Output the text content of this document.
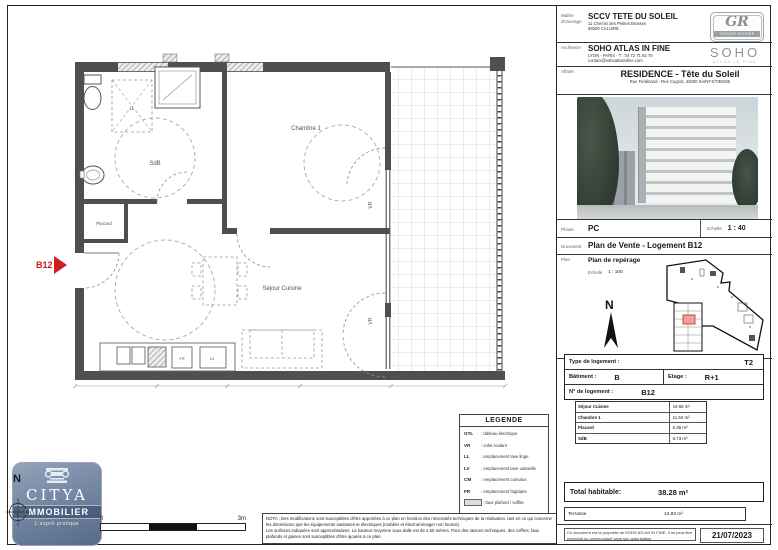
SdB
Placard
Chambre 1
Séjour Cuisine
LL
FR	LV
VR
VR
B12
CITYA
IMMOBILIER
L'esprit pratique
N
0	3m
LEGENDE
GTL	: tableau électrique
VR	: volet roulant
LL	: emplacement lave linge
LV	: emplacement lave vaisselle
CM	: emplacement cumulus
FR	: emplacement frigidaire
: faux plafond / soffite

NOTA : Des modifications sont susceptibles d'être apportées à ce plan en fonction des nécessités techniques de la réalisation, tant en ce qui concerne les dimensions que les équipements sanitaires et électriques (mobilier et électroménager non fournis).

Les surfaces indiquées sont approximatives. La hauteur moyenne sous-dalle est de 2,50 mètres. Pour des raisons techniques, des coffres, faux plafonds et gaines sont susceptibles d'être ajoutés à ce plan.

Maître d'Ouvrage
SCCV TETE DU SOLEIL
11 Chemin des Petites Brosses
69300 CALUIRE	GR
GROUPE RIVOIRE
Architecte SOHO ATLAS IN FINE
LYON - PARIS - T : 04 72 71 62 70 contact@sohoatlasinfine.com
SOHO
ATLAS IN FINE
Affaire	RESIDENCE - Tête du Soleil
Rue Ferdinand - Rue Cugnot, 42000 SAINT-ETIENNE
Phase	PC	Echelle 1 : 40
Document Plan de Vente - Logement B12
Plan	Plan de repérage
Echelle 1 : 100
N
Type de logement :	T2
Bâtiment : B	Etage : R+1
N° de logement :	B12
Séjour Cuisine	19.65 m²
Chambre 1	11.52 m²
Placard	0.38 m²
SdB	6.73 m²
Total habitable:	38.28 m²
Terrasse	13.83 m²
Ce document est la propriété de SOHO ATLAS IN FINE. Il ne peut être reproduit ou communiqué sans son autorisation.	21/07/2023
